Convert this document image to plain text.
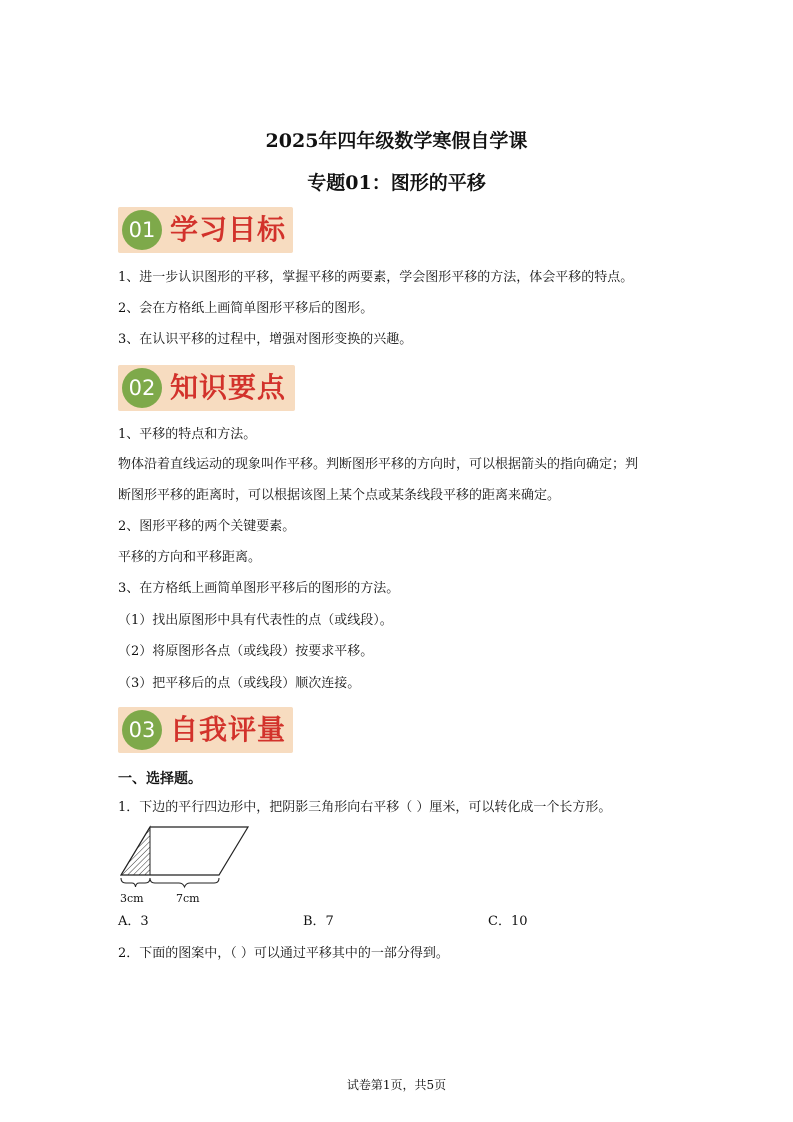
2025年四年级数学寒假自学课
专题01：图形的平移
01 学习目标
1、进一步认识图形的平移，掌握平移的两要素，学会图形平移的方法，体会平移的特点。
2、会在方格纸上画简单图形平移后的图形。
3、在认识平移的过程中，增强对图形变换的兴趣。
02 知识要点
1、平移的特点和方法。
物体沿着直线运动的现象叫作平移。判断图形平移的方向时，可以根据箭头的指向确定；判
断图形平移的距离时，可以根据该图上某个点或某条线段平移的距离来确定。
2、图形平移的两个关键要素。
平移的方向和平移距离。
3、在方格纸上画简单图形平移后的图形的方法。
（1）找出原图形中具有代表性的点（或线段）。
（2）将原图形各点（或线段）按要求平移。
（3）把平移后的点（或线段）顺次连接。
03 自我评量
一、选择题。
1．下边的平行四边形中，把阴影三角形向右平移（ ）厘米，可以转化成一个长方形。
3cm	7cm
A．3	B．7	C．10
2．下面的图案中，（ ）可以通过平移其中的一部分得到。
试卷第1页，共5页
